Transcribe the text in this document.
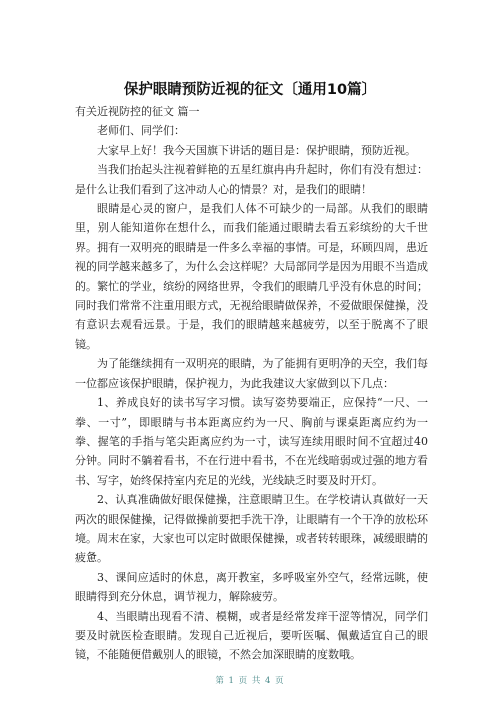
保护眼睛预防近视的征文〔通用10篇〕

有关近视防控的征文 篇一

老师们、同学们：

大家早上好！我今天国旗下讲话的题目是：保护眼睛，预防近视。

当我们抬起头注视着鲜艳的五星红旗冉冉升起时，你们有没有想过：是什么让我们看到了这冲动人心的情景？对，是我们的眼睛！

眼睛是心灵的窗户，是我们人体不可缺少的一局部。从我们的眼睛里，别人能知道你在想什么，而我们能通过眼睛去看五彩缤纷的大千世界。拥有一双明亮的眼睛是一件多么幸福的事情。可是，环顾四周，患近视的同学越来越多了，为什么会这样呢？大局部同学是因为用眼不当造成的。繁忙的学业，缤纷的网络世界，令我们的眼睛几乎没有休息的时间；同时我们常常不注重用眼方式，无视给眼睛做保养，不爱做眼保健操，没有意识去观看远景。于是，我们的眼睛越来越疲劳，以至于脱离不了眼镜。

为了能继续拥有一双明亮的眼睛，为了能拥有更明净的天空，我们每一位都应该保护眼睛，保护视力，为此我建议大家做到以下几点：

1、养成良好的读书写字习惯。读写姿势要端正，应保持“一尺、一拳、一寸”，即眼睛与书本距离应约为一尺、胸前与课桌距离应约为一拳、握笔的手指与笔尖距离应约为一寸，读写连续用眼时间不宜超过40分钟。同时不躺着看书，不在行进中看书，不在光线暗弱或过强的地方看书、写字，始终保持室内充足的光线，光线缺乏时要及时开灯。

2、认真准确做好眼保健操，注意眼睛卫生。在学校请认真做好一天两次的眼保健操，记得做操前要把手洗干净，让眼睛有一个干净的放松环境。周末在家，大家也可以定时做眼保健操，或者转转眼珠，减缓眼睛的疲惫。

3、课间应适时的休息，离开教室，多呼吸室外空气，经常远眺，使眼睛得到充分休息，调节视力，解除疲劳。

4、当眼睛出现看不清、模糊，或者是经常发痒干涩等情况，同学们要及时就医检查眼睛。发现自己近视后，要听医嘱、佩戴适宜自己的眼镜，不能随便借戴别人的眼镜，不然会加深眼睛的度数哦。

第 1 页 共 4 页
